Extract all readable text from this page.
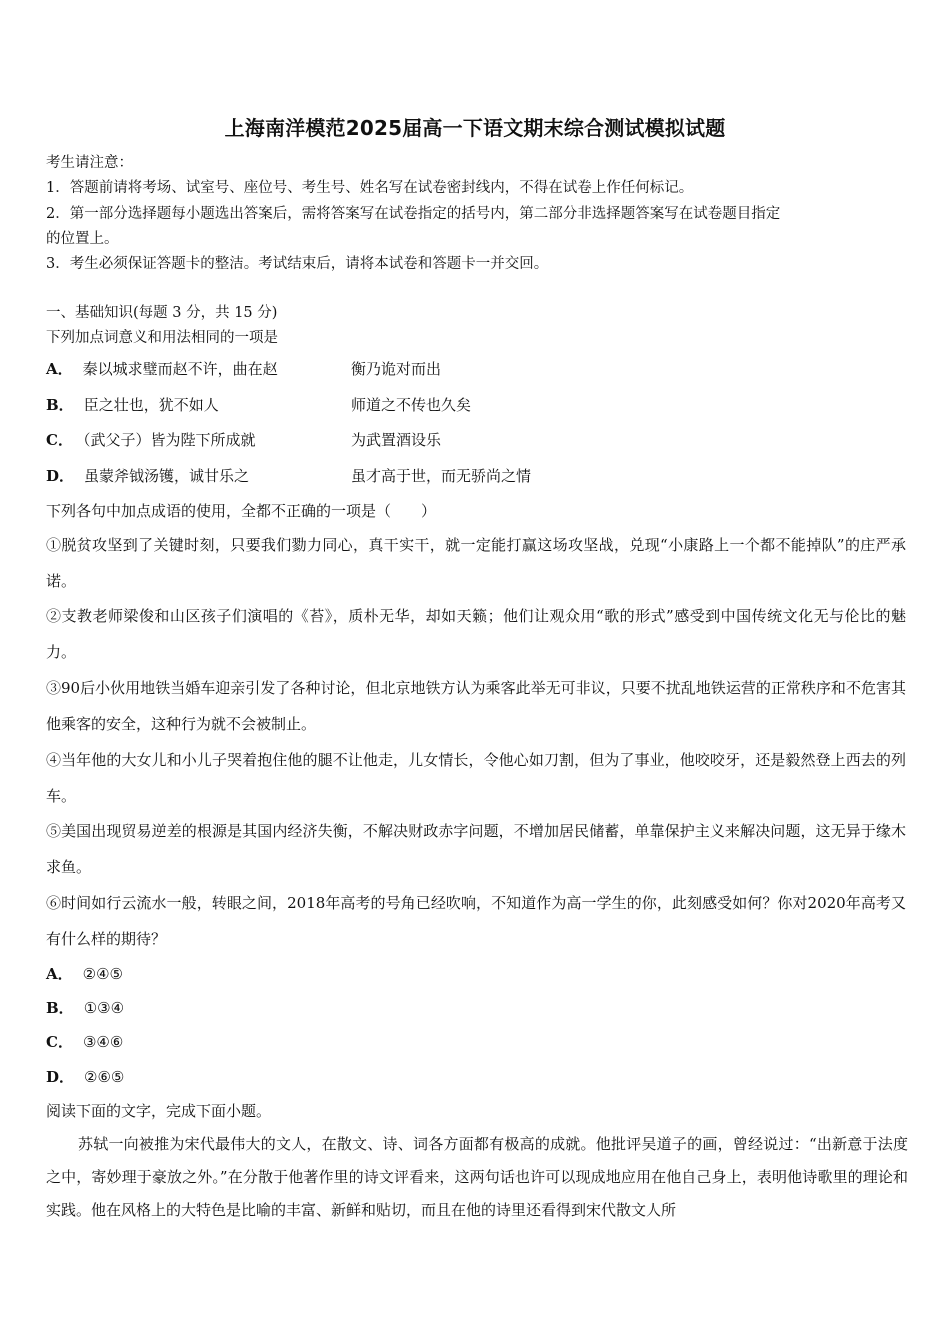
上海南洋模范2025届高一下语文期末综合测试模拟试题
考生请注意：
1．答题前请将考场、试室号、座位号、考生号、姓名写在试卷密封线内，不得在试卷上作任何标记。
2．第一部分选择题每小题选出答案后，需将答案写在试卷指定的括号内，第二部分非选择题答案写在试卷题目指定
的位置上。
3．考生必须保证答题卡的整洁。考试结束后，请将本试卷和答题卡一并交回。
一、基础知识(每题 3 分，共 15 分)
下列加点词意义和用法相同的一项是
A． 秦以城求璧而赵不许，曲在赵	衡乃诡对而出
B． 臣之壮也，犹不如人	师道之不传也久矣
C． （武父子）皆为陛下所成就	为武置酒设乐
D． 虽蒙斧钺汤镬，诚甘乐之	虽才高于世，而无骄尚之情
下列各句中加点成语的使用，全都不正确的一项是（　　）
①脱贫攻坚到了关键时刻，只要我们勠力同心，真干实干，就一定能打赢这场攻坚战，兑现“小康路上一个都不能掉队”的庄严承诺。
②支教老师梁俊和山区孩子们演唱的《苔》，质朴无华，却如天籁；他们让观众用“歌的形式”感受到中国传统文化无与伦比的魅力。
③90后小伙用地铁当婚车迎亲引发了各种讨论，但北京地铁方认为乘客此举无可非议，只要不扰乱地铁运营的正常秩序和不危害其他乘客的安全，这种行为就不会被制止。
④当年他的大女儿和小儿子哭着抱住他的腿不让他走，儿女情长，令他心如刀割，但为了事业，他咬咬牙，还是毅然登上西去的列车。
⑤美国出现贸易逆差的根源是其国内经济失衡，不解决财政赤字问题，不增加居民储蓄，单靠保护主义来解决问题，这无异于缘木求鱼。
⑥时间如行云流水一般，转眼之间，2018年高考的号角已经吹响，不知道作为高一学生的你，此刻感受如何？你对2020年高考又有什么样的期待？
A． ②④⑤
B． ①③④
C． ③④⑥
D． ②⑥⑤
阅读下面的文字，完成下面小题。

苏轼一向被推为宋代最伟大的文人，在散文、诗、词各方面都有极高的成就。他批评吴道子的画，曾经说过：“出新意于法度之中，寄妙理于豪放之外。”在分散于他著作里的诗文评看来，这两句话也许可以现成地应用在他自己身上，表明他诗歌里的理论和实践。他在风格上的大特色是比喻的丰富、新鲜和贴切，而且在他的诗里还看得到宋代散文人所
